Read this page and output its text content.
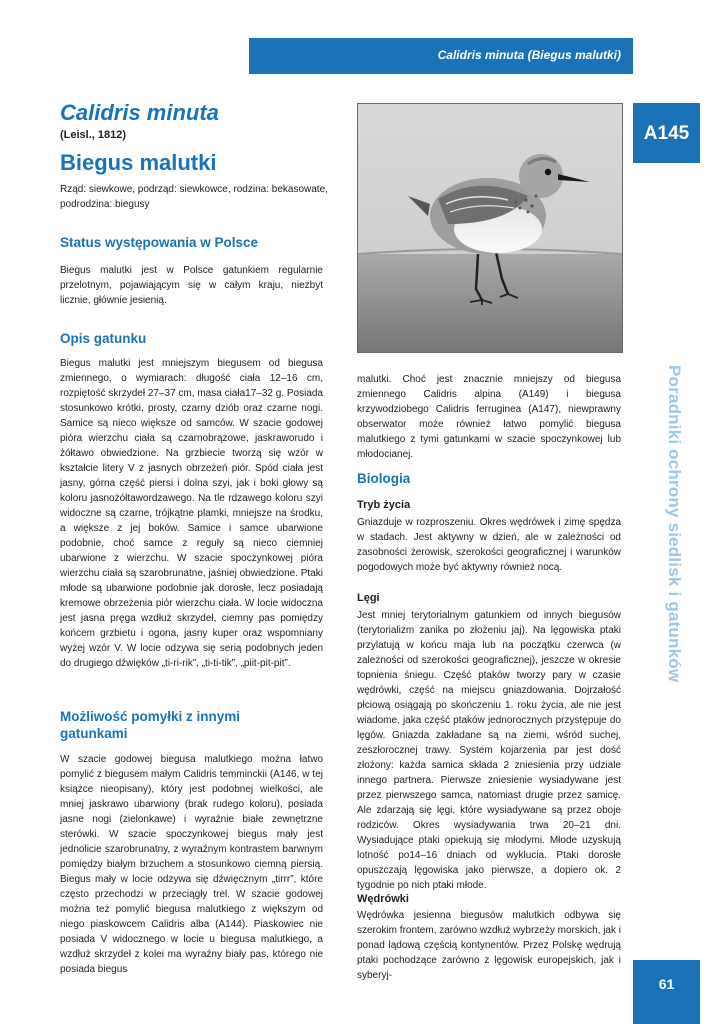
Calidris minuta (Biegus malutki)
A145
Poradniki ochrony siedlisk i gatunków
61
Calidris minuta

(Leisl., 1812)

Biegus malutki

Rząd: siewkowe, podrząd: siewkowce, rodzina: bekasowate, podrodzina: biegusy

Status występowania w Polsce

Biegus malutki jest w Polsce gatunkiem regularnie przelotnym, pojawiającym się w całym kraju, niezbyt licznie, głównie jesienią.

Opis gatunku

Biegus malutki jest mniejszym biegusem od biegusa zmiennego, o wymiarach: długość ciała 12–16 cm, rozpiętość skrzydeł 27–37 cm, masa ciała17–32 g. Posiada stosunkowo krótki, prosty, czarny dziób oraz czarne nogi. Samice są nieco większe od samców. W szacie godowej pióra wierzchu ciała są czarnobrązowe, jaskraworudo i żółtawo obwiedzione. Na grzbiecie tworzą się wzór w kształcie litery V z jasnych obrzeżeń piór. Spód ciała jest jasny, górna część piersi i dolna szyi, jak i boki głowy są koloru jasnożółtawordzawego. Na tle rdzawego koloru szyi widoczne są czarne, trójkątne plamki, mniejsze na środku, a większe z jej boków. Samice i samce ubarwione podobnie, choć samce z reguły są nieco ciemniej ubarwione z wierzchu. W szacie spoczynkowej pióra wierzchu ciała są szarobrunatne, jaśniej obwiedzione. Ptaki młode są ubarwione podobnie jak dorosłe, lecz posiadają kremowe obrzeżenia piór wierzchu ciała. W locie widoczna jest jasna pręga wzdłuż skrzydeł, ciemny pas pomiędzy końcem grzbietu i ogona, jasny kuper oraz wspomniany wyżej wzór V. W locie odzywa się serią podobnych jeden do drugiego dźwięków „ti-ri-rik”, „ti-ti-tik”, „piit-pit-pit”.

Możliwość pomyłki z innymi gatunkami

W szacie godowej biegusa malutkiego można łatwo pomylić z biegusem małym Calidris temminckii (A146, w tej książce nieopisany), który jest podobnej wielkości, ale mniej jaskrawo ubarwiony (brak rudego koloru), posiada jasne nogi (zielonkawe) i wyraźnie białe zewnętrzne sterówki. W szacie spoczynkowej biegus mały jest jednolicie szarobrunatny, z wyraźnym kontrastem barwnym pomiędzy białym brzuchem a stosunkowo ciemną piersią. Biegus mały w locie odzywa się dźwięcznym „tirrr”, które często przechodzi w przeciągły trel. W szacie godowej można też pomylić biegusa malutkiego z większym od niego piaskowcem Calidris alba (A144). Piaskowiec nie posiada V widocznego w locie u biegusa malutkiego, a wzdłuż skrzydeł z kolei ma wyraźny biały pas, którego nie posiada biegus

malutki. Choć jest znacznie mniejszy od biegusa zmiennego Calidris alpina (A149) i biegusa krzywodziobego Calidris ferruginea (A147), niewprawny obserwator może również łatwo pomylić biegusa malutkiego z tymi gatunkami w szacie spoczynkowej lub młodocianej.

Biologia
Tryb życia

Gniazduje w rozproszeniu. Okres wędrówek i zimę spędza w stadach. Jest aktywny w dzień, ale w zależności od zasobności żerowisk, szerokości geograficznej i warunków pogodowych może być aktywny również nocą.

Lęgi

Jest mniej terytorialnym gatunkiem od innych biegusów (terytorializm zanika po złożeniu jaj). Na lęgowiska ptaki przylatują w końcu maja lub na początku czerwca (w zależności od szerokości geograficznej), jeszcze w okresie topnienia śniegu. Część ptaków tworzy pary w czasie wędrówki, część na miejscu gniazdowania. Dojrzałość płciową osiągają po skończeniu 1. roku życia, ale nie jest wiadome, jaka część ptaków jednorocznych przystępuje do lęgów. Gniazda zakładane są na ziemi, wśród suchej, zeszłorocznej trawy. System kojarzenia par jest dość złożony: każda samica składa 2 zniesienia przy udziale innego partnera. Pierwsze zniesienie wysiadywane jest przez pierwszego samca, natomiast drugie przez samicę. Ale zdarzają się lęgi, które wysiadywane są przez oboje rodziców. Okres wysiadywania trwa 20–21 dni. Wysiadujące ptaki opiekują się młodymi. Młode uzyskują lotność po14–16 dniach od wyklucia. Ptaki dorosłe opuszczają lęgowiska jako pierwsze, a dopiero ok. 2 tygodnie po nich ptaki młode.

Wędrówki

Wędrówka jesienna biegusów malutkich odbywa się szerokim frontem, zarówno wzdłuż wybrzeży morskich, jak i ponad lądową częścią kontynentów. Przez Polskę wędrują ptaki pochodzące zarówno z lęgowisk europejskich, jak i syberyj-
